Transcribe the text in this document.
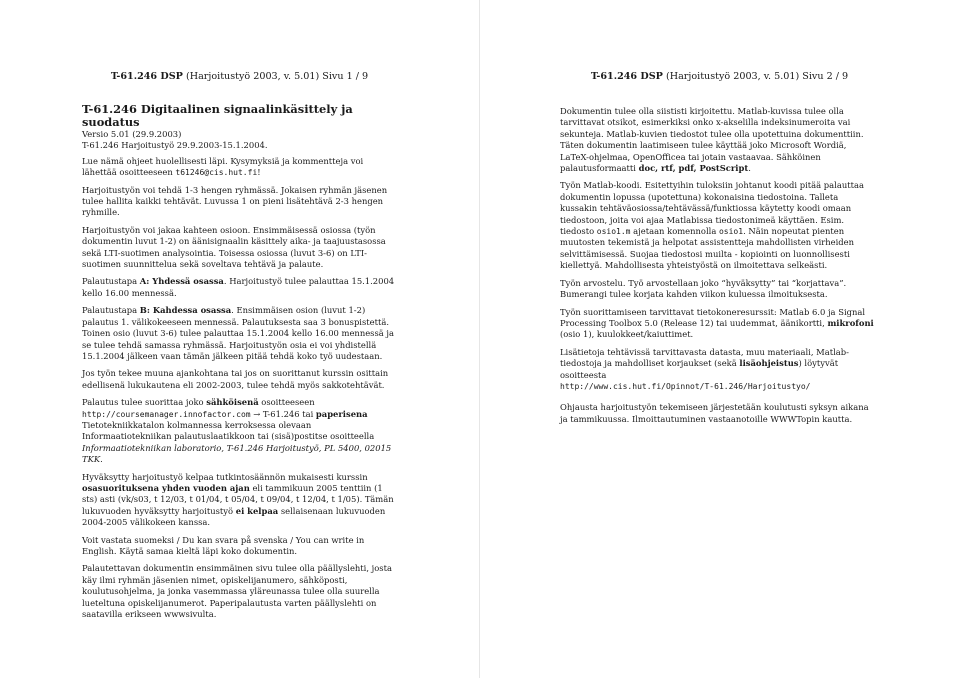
T-61.246 DSP (Harjoitustyö 2003, v. 5.01) Sivu 1 / 9
T-61.246 Digitaalinen signaalinkäsittely ja suodatus
Versio 5.01 (29.9.2003)
T-61.246 Harjoitustyö 29.9.2003-15.1.2004.

Lue nämä ohjeet huolellisesti läpi. Kysymyksiä ja kommentteja voi lähettää osoitteeseen t61246@cis.hut.fi!

Harjoitustyön voi tehdä 1-3 hengen ryhmässä. Jokaisen ryhmän jäsenen tulee hallita kaikki tehtävät. Luvussa 1 on pieni lisätehtävä 2-3 hengen ryhmille.

Harjoitustyön voi jakaa kahteen osioon. Ensimmäisessä osiossa (työn dokumentin luvut 1-2) on äänisignaalin käsittely aika- ja taajuustasossa sekä LTI-suotimen analysointia. Toisessa osiossa (luvut 3-6) on LTI-suotimen suunnittelua sekä soveltava tehtävä ja palaute.

Palautustapa A: Yhdessä osassa. Harjoitustyö tulee palauttaa 15.1.2004 kello 16.00 mennessä.

Palautustapa B: Kahdessa osassa. Ensimmäisen osion (luvut 1-2) palautus 1. välikokeeseen mennessä. Palautuksesta saa 3 bonuspistettä. Toinen osio (luvut 3-6) tulee palauttaa 15.1.2004 kello 16.00 mennessä ja se tulee tehdä samassa ryhmässä. Harjoitustyön osia ei voi yhdistellä 15.1.2004 jälkeen vaan tämän jälkeen pitää tehdä koko työ uudestaan.

Jos työn tekee muuna ajankohtana tai jos on suorittanut kurssin osittain edellisenä lukukautena eli 2002-2003, tulee tehdä myös sakkotehtävät.

Palautus tulee suorittaa joko sähköisenä osoitteeseen
http://coursemanager.innofactor.com → T-61.246 tai paperisena Tietotekniikkatalon kolmannessa kerroksessa olevaan Informaatiotekniikan palautuslaatikkoon tai (sisä)postitse osoitteella Informaatiotekniikan laboratorio, T-61.246 Harjoitustyö, PL 5400, 02015 TKK.

Hyväksytty harjoitustyö kelpaa tutkintosäännön mukaisesti kurssin osasuorituksena yhden vuoden ajan eli tammikuun 2005 tenttiin (1 sts) asti (vk/s03, t 12/03, t 01/04, t 05/04, t 09/04, t 12/04, t 1/05). Tämän lukuvuoden hyväksytty harjoitustyö ei kelpaa sellaisenaan lukuvuoden 2004-2005 välikokeen kanssa.

Voit vastata suomeksi / Du kan svara på svenska / You can write in English. Käytä samaa kieltä läpi koko dokumentin.

Palautettavan dokumentin ensimmäinen sivu tulee olla päällyslehti, josta käy ilmi ryhmän jäsenien nimet, opiskelijanumero, sähköposti, koulutusohjelma, ja jonka vasemmassa yläreunassa tulee olla suurella lueteltuna opiskelijanumerot. Paperipalautusta varten päällyslehti on saatavilla erikseen wwwsivulta.

T-61.246 DSP (Harjoitustyö 2003, v. 5.01) Sivu 2 / 9

Dokumentin tulee olla siististi kirjoitettu. Matlab-kuvissa tulee olla tarvittavat otsikot, esimerkiksi onko x-akselilla indeksinumeroita vai sekunteja. Matlab-kuvien tiedostot tulee olla upotettuina dokumenttiin. Täten dokumentin laatimiseen tulee käyttää joko Microsoft Wordiä, LaTeX-ohjelmaa, OpenOfficea tai jotain vastaavaa. Sähköinen palautusformaatti doc, rtf, pdf, PostScript.

Työn Matlab-koodi. Esitettyihin tuloksiin johtanut koodi pitää palauttaa dokumentin lopussa (upotettuna) kokonaisina tiedostoina. Talleta kussakin tehtäväosiossa/tehtävässä/funktiossa käytetty koodi omaan tiedostoon, joita voi ajaa Matlabissa tiedostonimeä käyttäen. Esim. tiedosto osio1.m ajetaan komennolla osio1. Näin nopeutat pienten muutosten tekemistä ja helpotat assistentteja mahdollisten virheiden selvittämisessä. Suojaa tiedostosi muilta - kopiointi on luonnollisesti kiellettyä. Mahdollisesta yhteistyöstä on ilmoitettava selkeästi.

Työn arvostelu. Työ arvostellaan joko “hyväksytty” tai “korjattava”. Bumerangi tulee korjata kahden viikon kuluessa ilmoituksesta.

Työn suorittamiseen tarvittavat tietokoneresurssit: Matlab 6.0 ja Signal Processing Toolbox 5.0 (Release 12) tai uudemmat, äänikortti, mikrofoni (osio 1), kuulokkeet/kaiuttimet.

Lisätietoja tehtävissä tarvittavasta datasta, muu materiaali, Matlab-tiedostoja ja mahdolliset korjaukset (sekä lisäohjeistus) löytyvät osoitteesta
http://www.cis.hut.fi/Opinnot/T-61.246/Harjoitustyo/

Ohjausta harjoitustyön tekemiseen järjestetään koulutusti syksyn aikana ja tammikuussa. Ilmoittautuminen vastaanotoille WWWTopin kautta.
